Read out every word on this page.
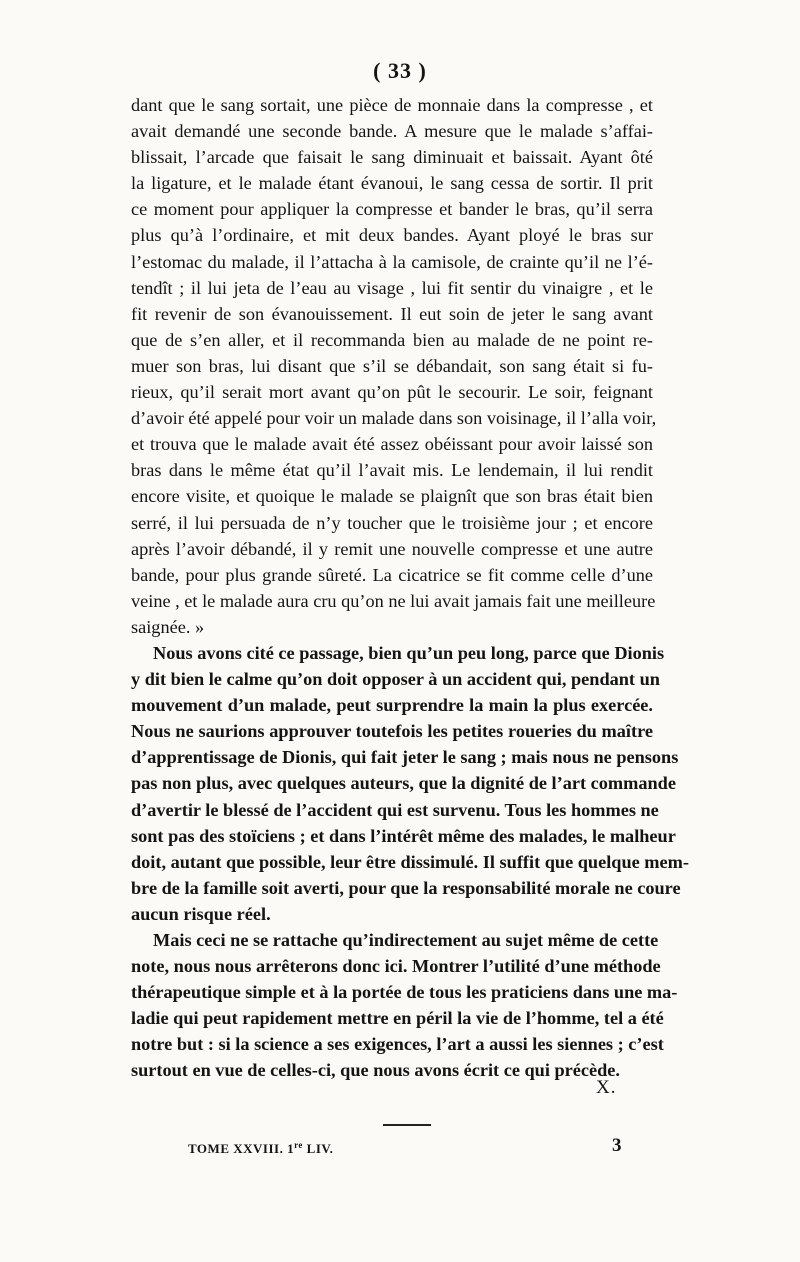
( 33 )
dant que le sang sortait, une pièce de monnaie dans la compresse , et
avait demandé une seconde bande. A mesure que le malade s’affai-
blissait, l’arcade que faisait le sang diminuait et baissait. Ayant ôté
la ligature, et le malade étant évanoui, le sang cessa de sortir. Il prit
ce moment pour appliquer la compresse et bander le bras, qu’il serra
plus qu’à l’ordinaire, et mit deux bandes. Ayant ployé le bras sur
l’estomac du malade, il l’attacha à la camisole, de crainte qu’il ne l’é-
tendît ; il lui jeta de l’eau au visage , lui fit sentir du vinaigre , et le
fit revenir de son évanouissement. Il eut soin de jeter le sang avant
que de s’en aller, et il recommanda bien au malade de ne point re-
muer son bras, lui disant que s’il se débandait, son sang était si fu-
rieux, qu’il serait mort avant qu’on pût le secourir. Le soir, feignant
d’avoir été appelé pour voir un malade dans son voisinage, il l’alla voir,
et trouva que le malade avait été assez obéissant pour avoir laissé son
bras dans le même état qu’il l’avait mis. Le lendemain, il lui rendit
encore visite, et quoique le malade se plaignît que son bras était bien
serré, il lui persuada de n’y toucher que le troisième jour ; et encore
après l’avoir débandé, il y remit une nouvelle compresse et une autre
bande, pour plus grande sûreté. La cicatrice se fit comme celle d’une
veine , et le malade aura cru qu’on ne lui avait jamais fait une meilleure
saignée. »
Nous avons cité ce passage, bien qu’un peu long, parce que Dionis
y dit bien le calme qu’on doit opposer à un accident qui, pendant un
mouvement d’un malade, peut surprendre la main la plus exercée.
Nous ne saurions approuver toutefois les petites roueries du maître
d’apprentissage de Dionis, qui fait jeter le sang ; mais nous ne pensons
pas non plus, avec quelques auteurs, que la dignité de l’art commande
d’avertir le blessé de l’accident qui est survenu. Tous les hommes ne
sont pas des stoïciens ; et dans l’intérêt même des malades, le malheur
doit, autant que possible, leur être dissimulé. Il suffit que quelque mem-
bre de la famille soit averti, pour que la responsabilité morale ne coure
aucun risque réel.
Mais ceci ne se rattache qu’indirectement au sujet même de cette
note, nous nous arrêterons donc ici. Montrer l’utilité d’une méthode
thérapeutique simple et à la portée de tous les praticiens dans une ma-
ladie qui peut rapidement mettre en péril la vie de l’homme, tel a été
notre but : si la science a ses exigences, l’art a aussi les siennes ; c’est
surtout en vue de celles-ci, que nous avons écrit ce qui précède.
X.
TOME XXVIII. 1re LIV.	3
